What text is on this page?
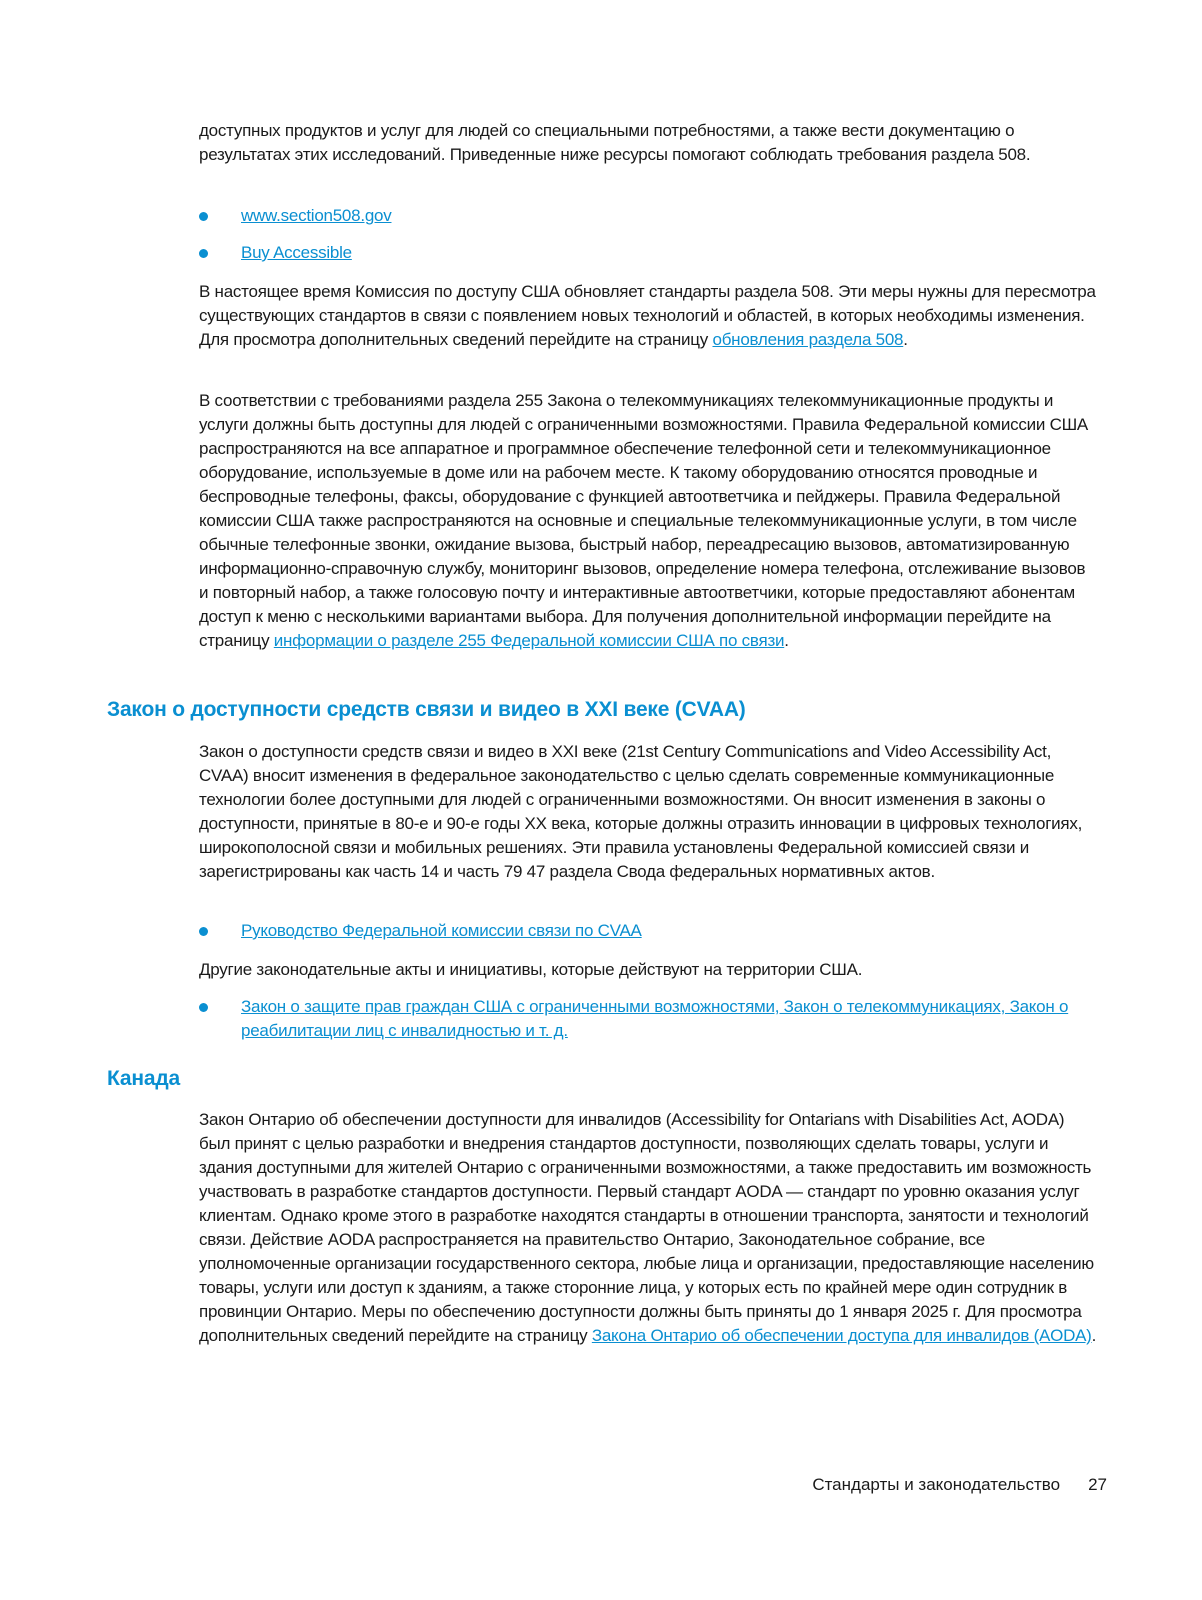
доступных продуктов и услуг для людей со специальными потребностями, а также вести документацию о результатах этих исследований. Приведенные ниже ресурсы помогают соблюдать требования раздела 508.

www.section508.gov
Buy Accessible

В настоящее время Комиссия по доступу США обновляет стандарты раздела 508. Эти меры нужны для пересмотра существующих стандартов в связи с появлением новых технологий и областей, в которых необходимы изменения. Для просмотра дополнительных сведений перейдите на страницу обновления раздела 508.

В соответствии с требованиями раздела 255 Закона о телекоммуникациях телекоммуникационные продукты и услуги должны быть доступны для людей с ограниченными возможностями. Правила Федеральной комиссии США распространяются на все аппаратное и программное обеспечение телефонной сети и телекоммуникационное оборудование, используемые в доме или на рабочем месте. К такому оборудованию относятся проводные и беспроводные телефоны, факсы, оборудование с функцией автоответчика и пейджеры. Правила Федеральной комиссии США также распространяются на основные и специальные телекоммуникационные услуги, в том числе обычные телефонные звонки, ожидание вызова, быстрый набор, переадресацию вызовов, автоматизированную информационно-справочную службу, мониторинг вызовов, определение номера телефона, отслеживание вызовов и повторный набор, а также голосовую почту и интерактивные автоответчики, которые предоставляют абонентам доступ к меню с несколькими вариантами выбора. Для получения дополнительной информации перейдите на страницу информации о разделе 255 Федеральной комиссии США по связи.

Закон о доступности средств связи и видео в XXI веке (CVAA)

Закон о доступности средств связи и видео в XXI веке (21st Century Communications and Video Accessibility Act, CVAA) вносит изменения в федеральное законодательство с целью сделать современные коммуникационные технологии более доступными для людей с ограниченными возможностями. Он вносит изменения в законы о доступности, принятые в 80-е и 90-е годы XX века, которые должны отразить инновации в цифровых технологиях, широкополосной связи и мобильных решениях. Эти правила установлены Федеральной комиссией связи и зарегистрированы как часть 14 и часть 79 47 раздела Свода федеральных нормативных актов.

Руководство Федеральной комиссии связи по CVAA

Другие законодательные акты и инициативы, которые действуют на территории США.

Закон о защите прав граждан США с ограниченными возможностями, Закон о телекоммуникациях, Закон о реабилитации лиц с инвалидностью и т. д.
Канада

Закон Онтарио об обеспечении доступности для инвалидов (Accessibility for Ontarians with Disabilities Act, AODA) был принят с целью разработки и внедрения стандартов доступности, позволяющих сделать товары, услуги и здания доступными для жителей Онтарио с ограниченными возможностями, а также предоставить им возможность участвовать в разработке стандартов доступности. Первый стандарт AODA — стандарт по уровню оказания услуг клиентам. Однако кроме этого в разработке находятся стандарты в отношении транспорта, занятости и технологий связи. Действие AODA распространяется на правительство Онтарио, Законодательное собрание, все уполномоченные организации государственного сектора, любые лица и организации, предоставляющие населению товары, услуги или доступ к зданиям, а также сторонние лица, у которых есть по крайней мере один сотрудник в провинции Онтарио. Меры по обеспечению доступности должны быть приняты до 1 января 2025 г. Для просмотра дополнительных сведений перейдите на страницу Закона Онтарио об обеспечении доступа для инвалидов (AODA).

Стандарты и законодательство 27
